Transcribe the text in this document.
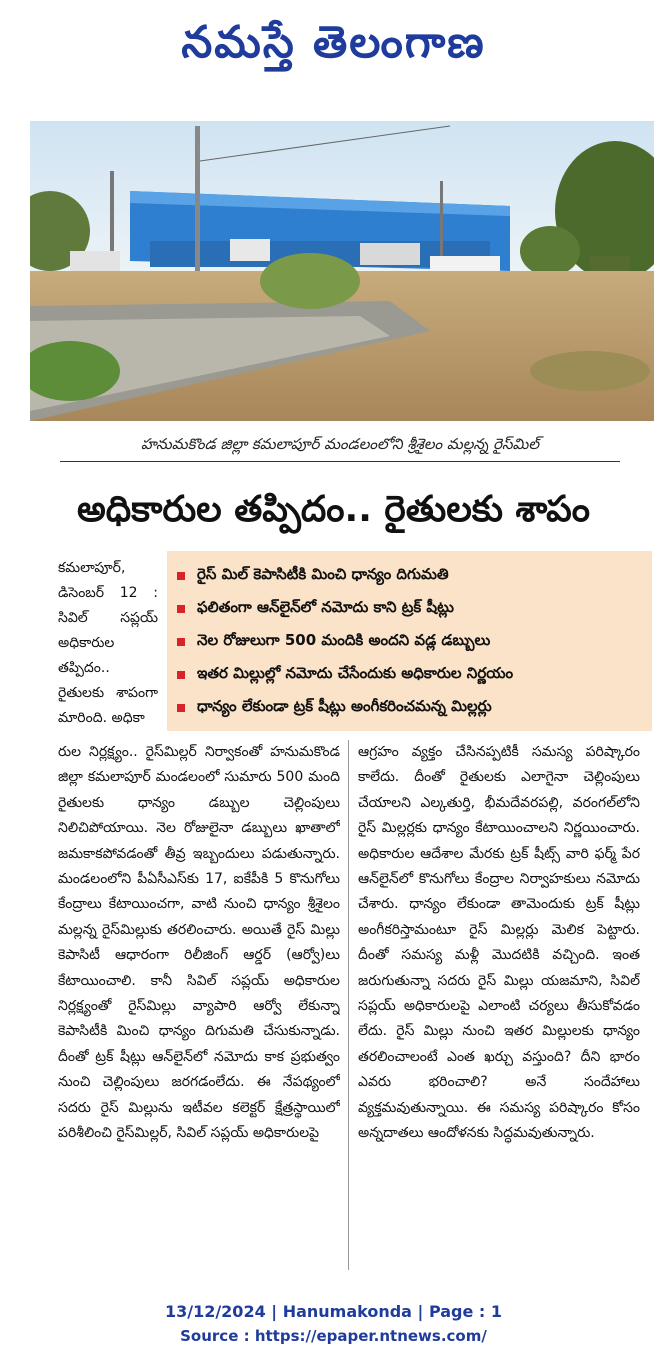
నమస్తే తెలంగాణ
హనుమకొండ జిల్లా కమలాపూర్ మండలంలోని శ్రీశైలం మల్లన్న రైస్‌మిల్
అధికారుల తప్పిదం.. రైతులకు శాపం
కమలాపూర్, డిసెంబర్ 12 : సివిల్ సప్లయ్ అధికారుల తప్పిదం.. రైతులకు శాపంగా మారింది. అధికా
రైస్ మిల్ కెపాసిటీకి మించి ధాన్యం దిగుమతి
ఫలితంగా ఆన్‌లైన్‌లో నమోదు కాని ట్రక్ షీట్లు
నెల రోజులుగా 500 మందికి అందని వడ్ల డబ్బులు
ఇతర మిల్లుల్లో నమోదు చేసేందుకు అధికారుల నిర్ణయం
ధాన్యం లేకుండా ట్రక్ షీట్లు అంగీకరించమన్న మిల్లర్లు
రుల నిర్లక్ష్యం.. రైస్‌మిల్లర్ నిర్వాకంతో హనుమకొండ జిల్లా కమలాపూర్ మండలంలో సుమారు 500 మంది రైతులకు ధాన్యం డబ్బుల చెల్లింపులు నిలిచిపోయాయి. నెల రోజులైనా డబ్బులు ఖాతాలో జమకాకపోవడంతో తీవ్ర ఇబ్బందులు పడుతున్నారు. మండలంలోని పీఏసీఎస్‌కు 17, ఐకేపీకి 5 కొనుగోలు కేంద్రాలు కేటాయించగా, వాటి నుంచి ధాన్యం శ్రీశైలం మల్లన్న రైస్‌మిల్లుకు తరలించారు. అయితే రైస్ మిల్లు కెపాసిటీ ఆధారంగా రిలీజింగ్ ఆర్డర్ (ఆర్వో)లు కేటాయించాలి. కానీ సివిల్ సప్లయ్ అధికారుల నిర్లక్ష్యంతో రైస్‌మిల్లు వ్యాపారి ఆర్వో లేకున్నా కెపాసిటీకి మించి ధాన్యం దిగుమతి చేసుకున్నాడు. దీంతో ట్రక్ షీట్లు ఆన్‌లైన్‌లో నమోదు కాక ప్రభుత్వం నుంచి చెల్లింపులు జరగడంలేదు. ఈ నేపథ్యంలో సదరు రైస్ మిల్లును ఇటీవల కలెక్టర్ క్షేత్రస్థాయిలో పరిశీలించి రైస్‌మిల్లర్, సివిల్ సప్లయ్ అధికారులపై
ఆగ్రహం వ్యక్తం చేసినప్పటికీ సమస్య పరిష్కారం కాలేదు. దీంతో రైతులకు ఎలాగైనా చెల్లింపులు చేయాలని ఎల్కతుర్తి, భీమదేవరపల్లి, వరంగల్‌లోని రైస్ మిల్లర్లకు ధాన్యం కేటాయించాలని నిర్ణయించారు. అధికారుల ఆదేశాల మేరకు ట్రక్ షీట్స్ వారి ఫర్మ్ పేర ఆన్‌లైన్‌లో కొనుగోలు కేంద్రాల నిర్వాహకులు నమోదు చేశారు. ధాన్యం లేకుండా తామెందుకు ట్రక్ షీట్లు అంగీకరిస్తామంటూ రైస్ మిల్లర్లు మెలిక పెట్టారు. దీంతో సమస్య మళ్లీ మొదటికి వచ్చింది. ఇంత జరుగుతున్నా సదరు రైస్ మిల్లు యజమాని, సివిల్ సప్లయ్ అధికారులపై ఎలాంటి చర్యలు తీసుకోవడం లేదు. రైస్ మిల్లు నుంచి ఇతర మిల్లులకు ధాన్యం తరలించాలంటే ఎంత ఖర్చు వస్తుంది? దీని భారం ఎవరు భరించాలి? అనే సందేహాలు వ్యక్తమవుతున్నాయి. ఈ సమస్య పరిష్కారం కోసం అన్నదాతలు ఆందోళనకు సిద్ధమవుతున్నారు.
13/12/2024 | Hanumakonda | Page : 1
Source : https://epaper.ntnews.com/
